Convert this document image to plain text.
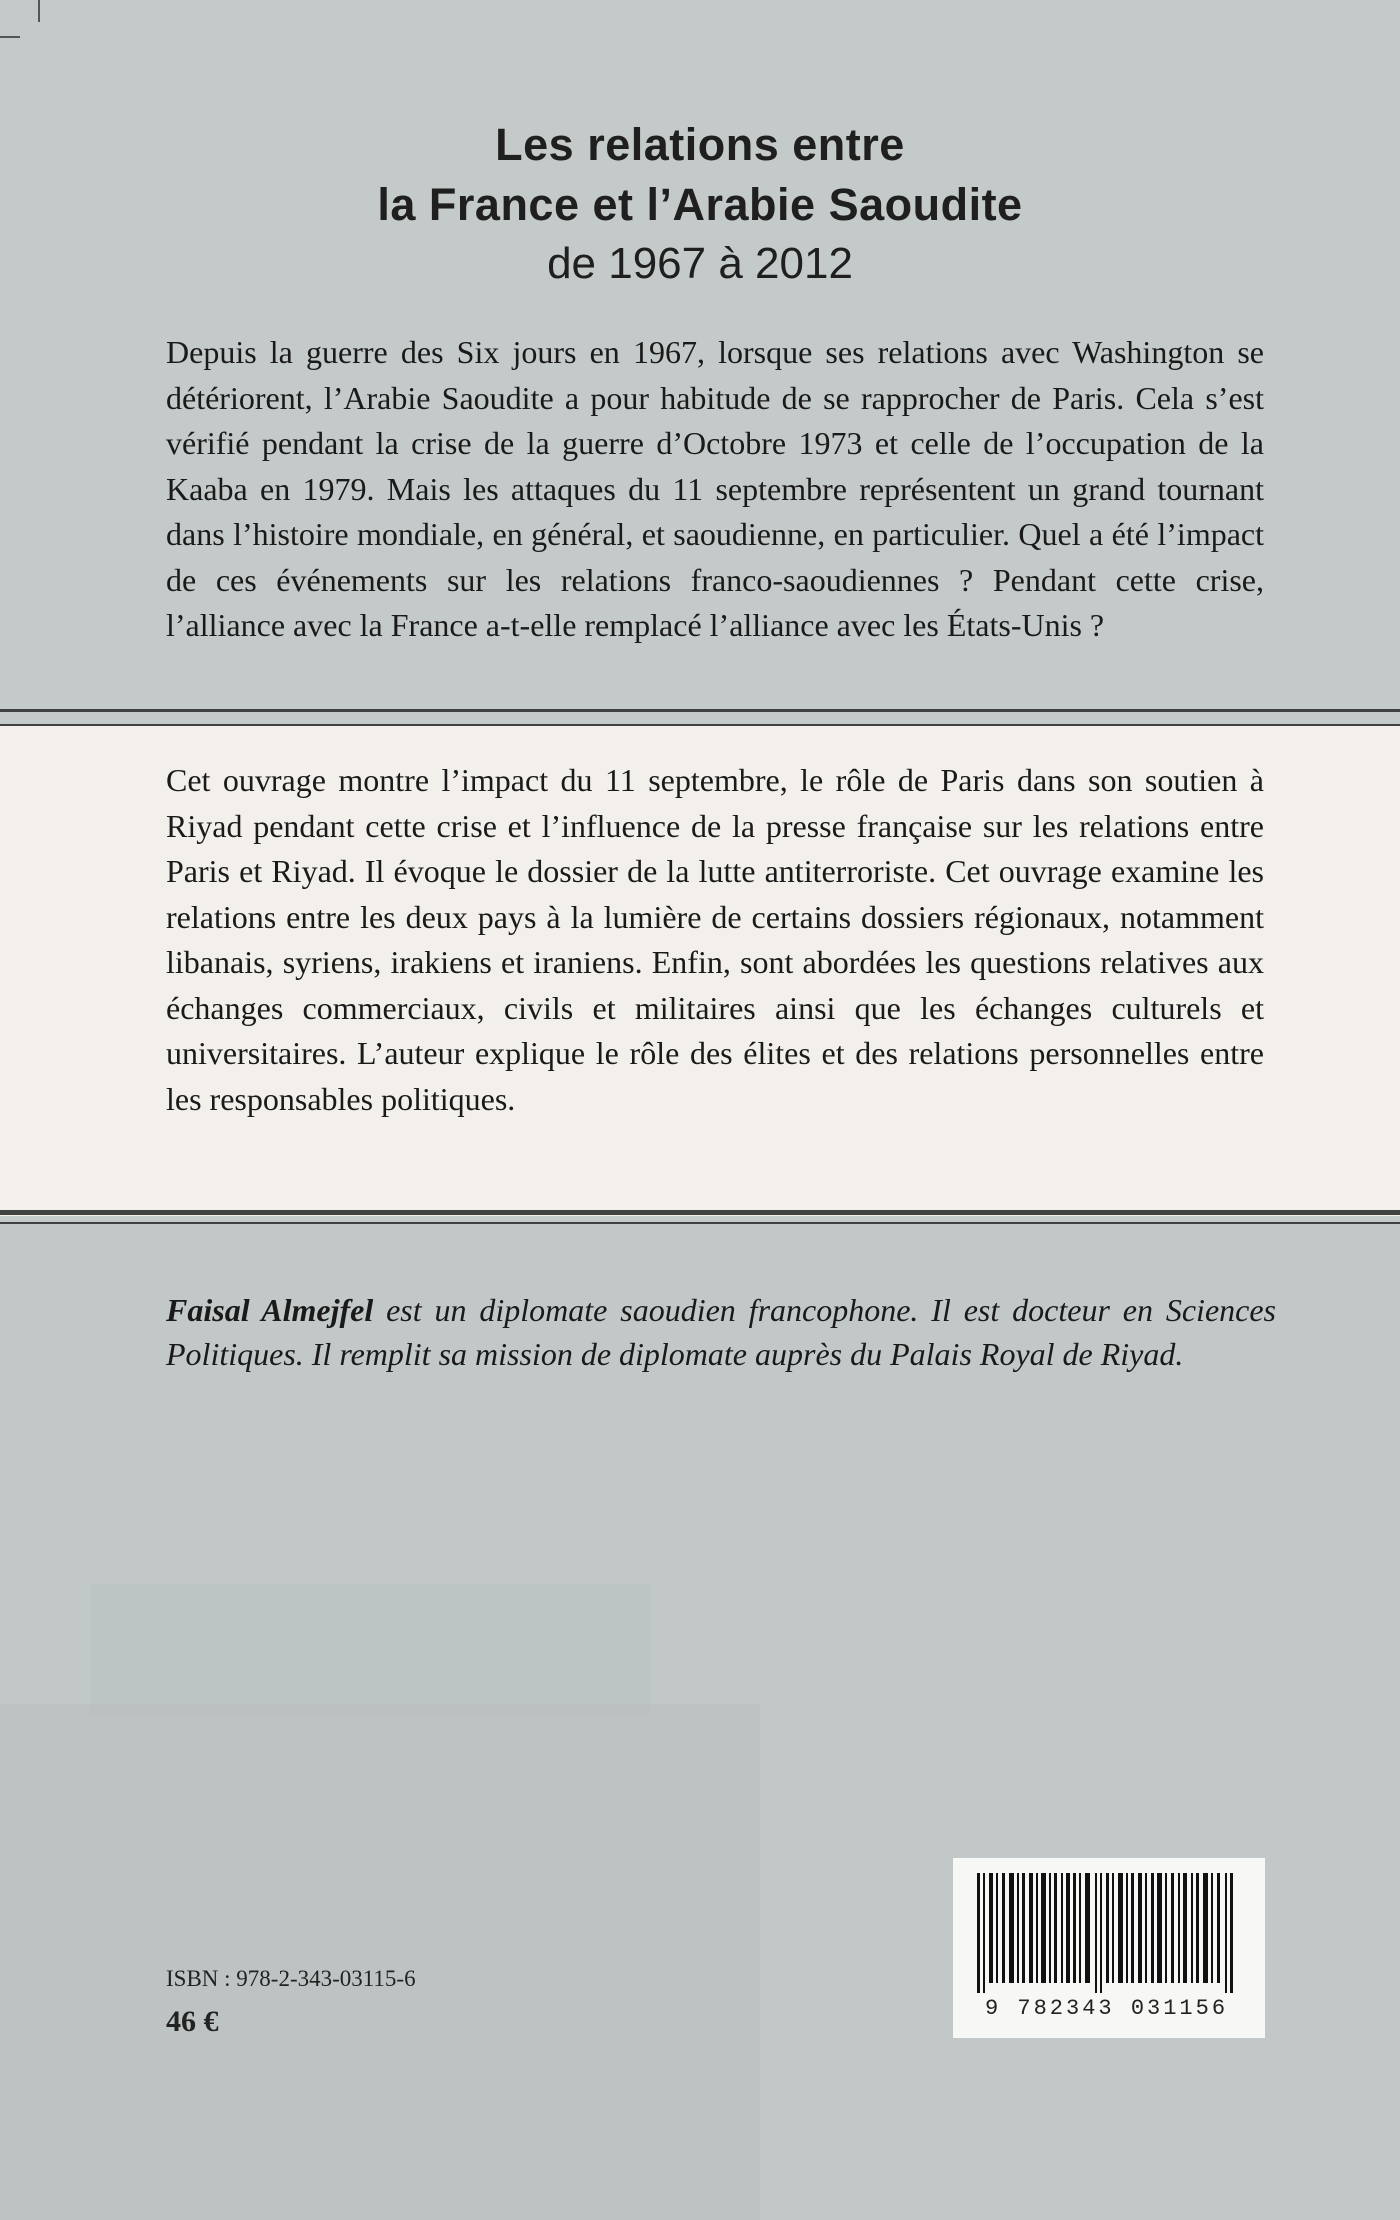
Les relations entre
la France et l’Arabie Saoudite
de 1967 à 2012
Depuis la guerre des Six jours en 1967, lorsque ses relations avec Washington se détériorent, l’Arabie Saoudite a pour habitude de se rapprocher de Paris. Cela s’est vérifié pendant la crise de la guerre d’Octobre 1973 et celle de l’occupation de la Kaaba en 1979. Mais les attaques du 11 septembre représentent un grand tournant dans l’histoire mondiale, en général, et saoudienne, en particulier. Quel a été l’impact de ces événements sur les relations franco-saoudiennes ? Pendant cette crise, l’alliance avec la France a-t-elle remplacé l’alliance avec les États-Unis ?
Cet ouvrage montre l’impact du 11 septembre, le rôle de Paris dans son soutien à Riyad pendant cette crise et l’influence de la presse française sur les relations entre Paris et Riyad. Il évoque le dossier de la lutte antiterroriste. Cet ouvrage examine les relations entre les deux pays à la lumière de certains dossiers régionaux, notamment libanais, syriens, irakiens et iraniens. Enfin, sont abordées les questions relatives aux échanges commerciaux, civils et militaires ainsi que les échanges culturels et universitaires. L’auteur explique le rôle des élites et des relations personnelles entre les responsables politiques.
Faisal Almejfel est un diplomate saoudien francophone. Il est docteur en Sciences Politiques. Il remplit sa mission de diplomate auprès du Palais Royal de Riyad.
ISBN : 978-2-343-03115-6
46 €	9 782343 031156
